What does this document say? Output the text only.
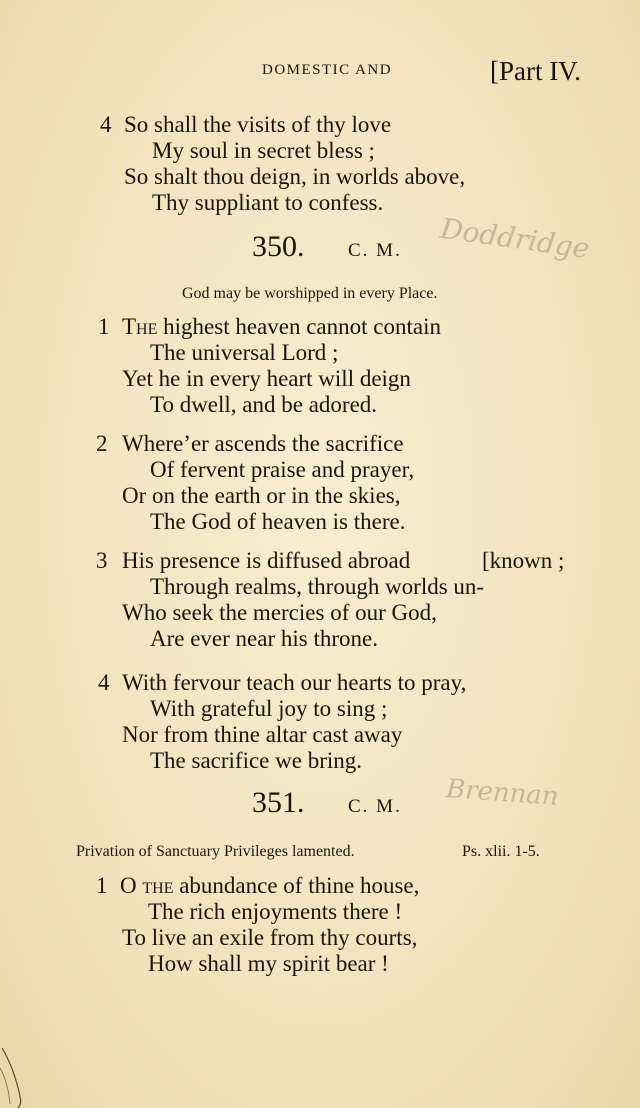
DOMESTIC AND	[Part IV.
4 So shall the visits of thy love
My soul in secret bless ;
So shalt thou deign, in worlds above,
Thy suppliant to confess.
350. C. M. Doddridge
God may be worshipped in every Place.
1 The highest heaven cannot contain
The universal Lord ;
Yet he in every heart will deign
To dwell, and be adored.
2 Where’er ascends the sacrifice
Of fervent praise and prayer,
Or on the earth or in the skies,
The God of heaven is there.
3 His presence is diffused abroad	[known ;
Through realms, through worlds un-
Who seek the mercies of our God,
Are ever near his throne.
4 With fervour teach our hearts to pray,
With grateful joy to sing ;
Nor from thine altar cast away
The sacrifice we bring.
351. C. M. Brennan
Privation of Sanctuary Privileges lamented.	Ps. xlii. 1-5.
1 O the abundance of thine house,
The rich enjoyments there !
To live an exile from thy courts,
How shall my spirit bear !
